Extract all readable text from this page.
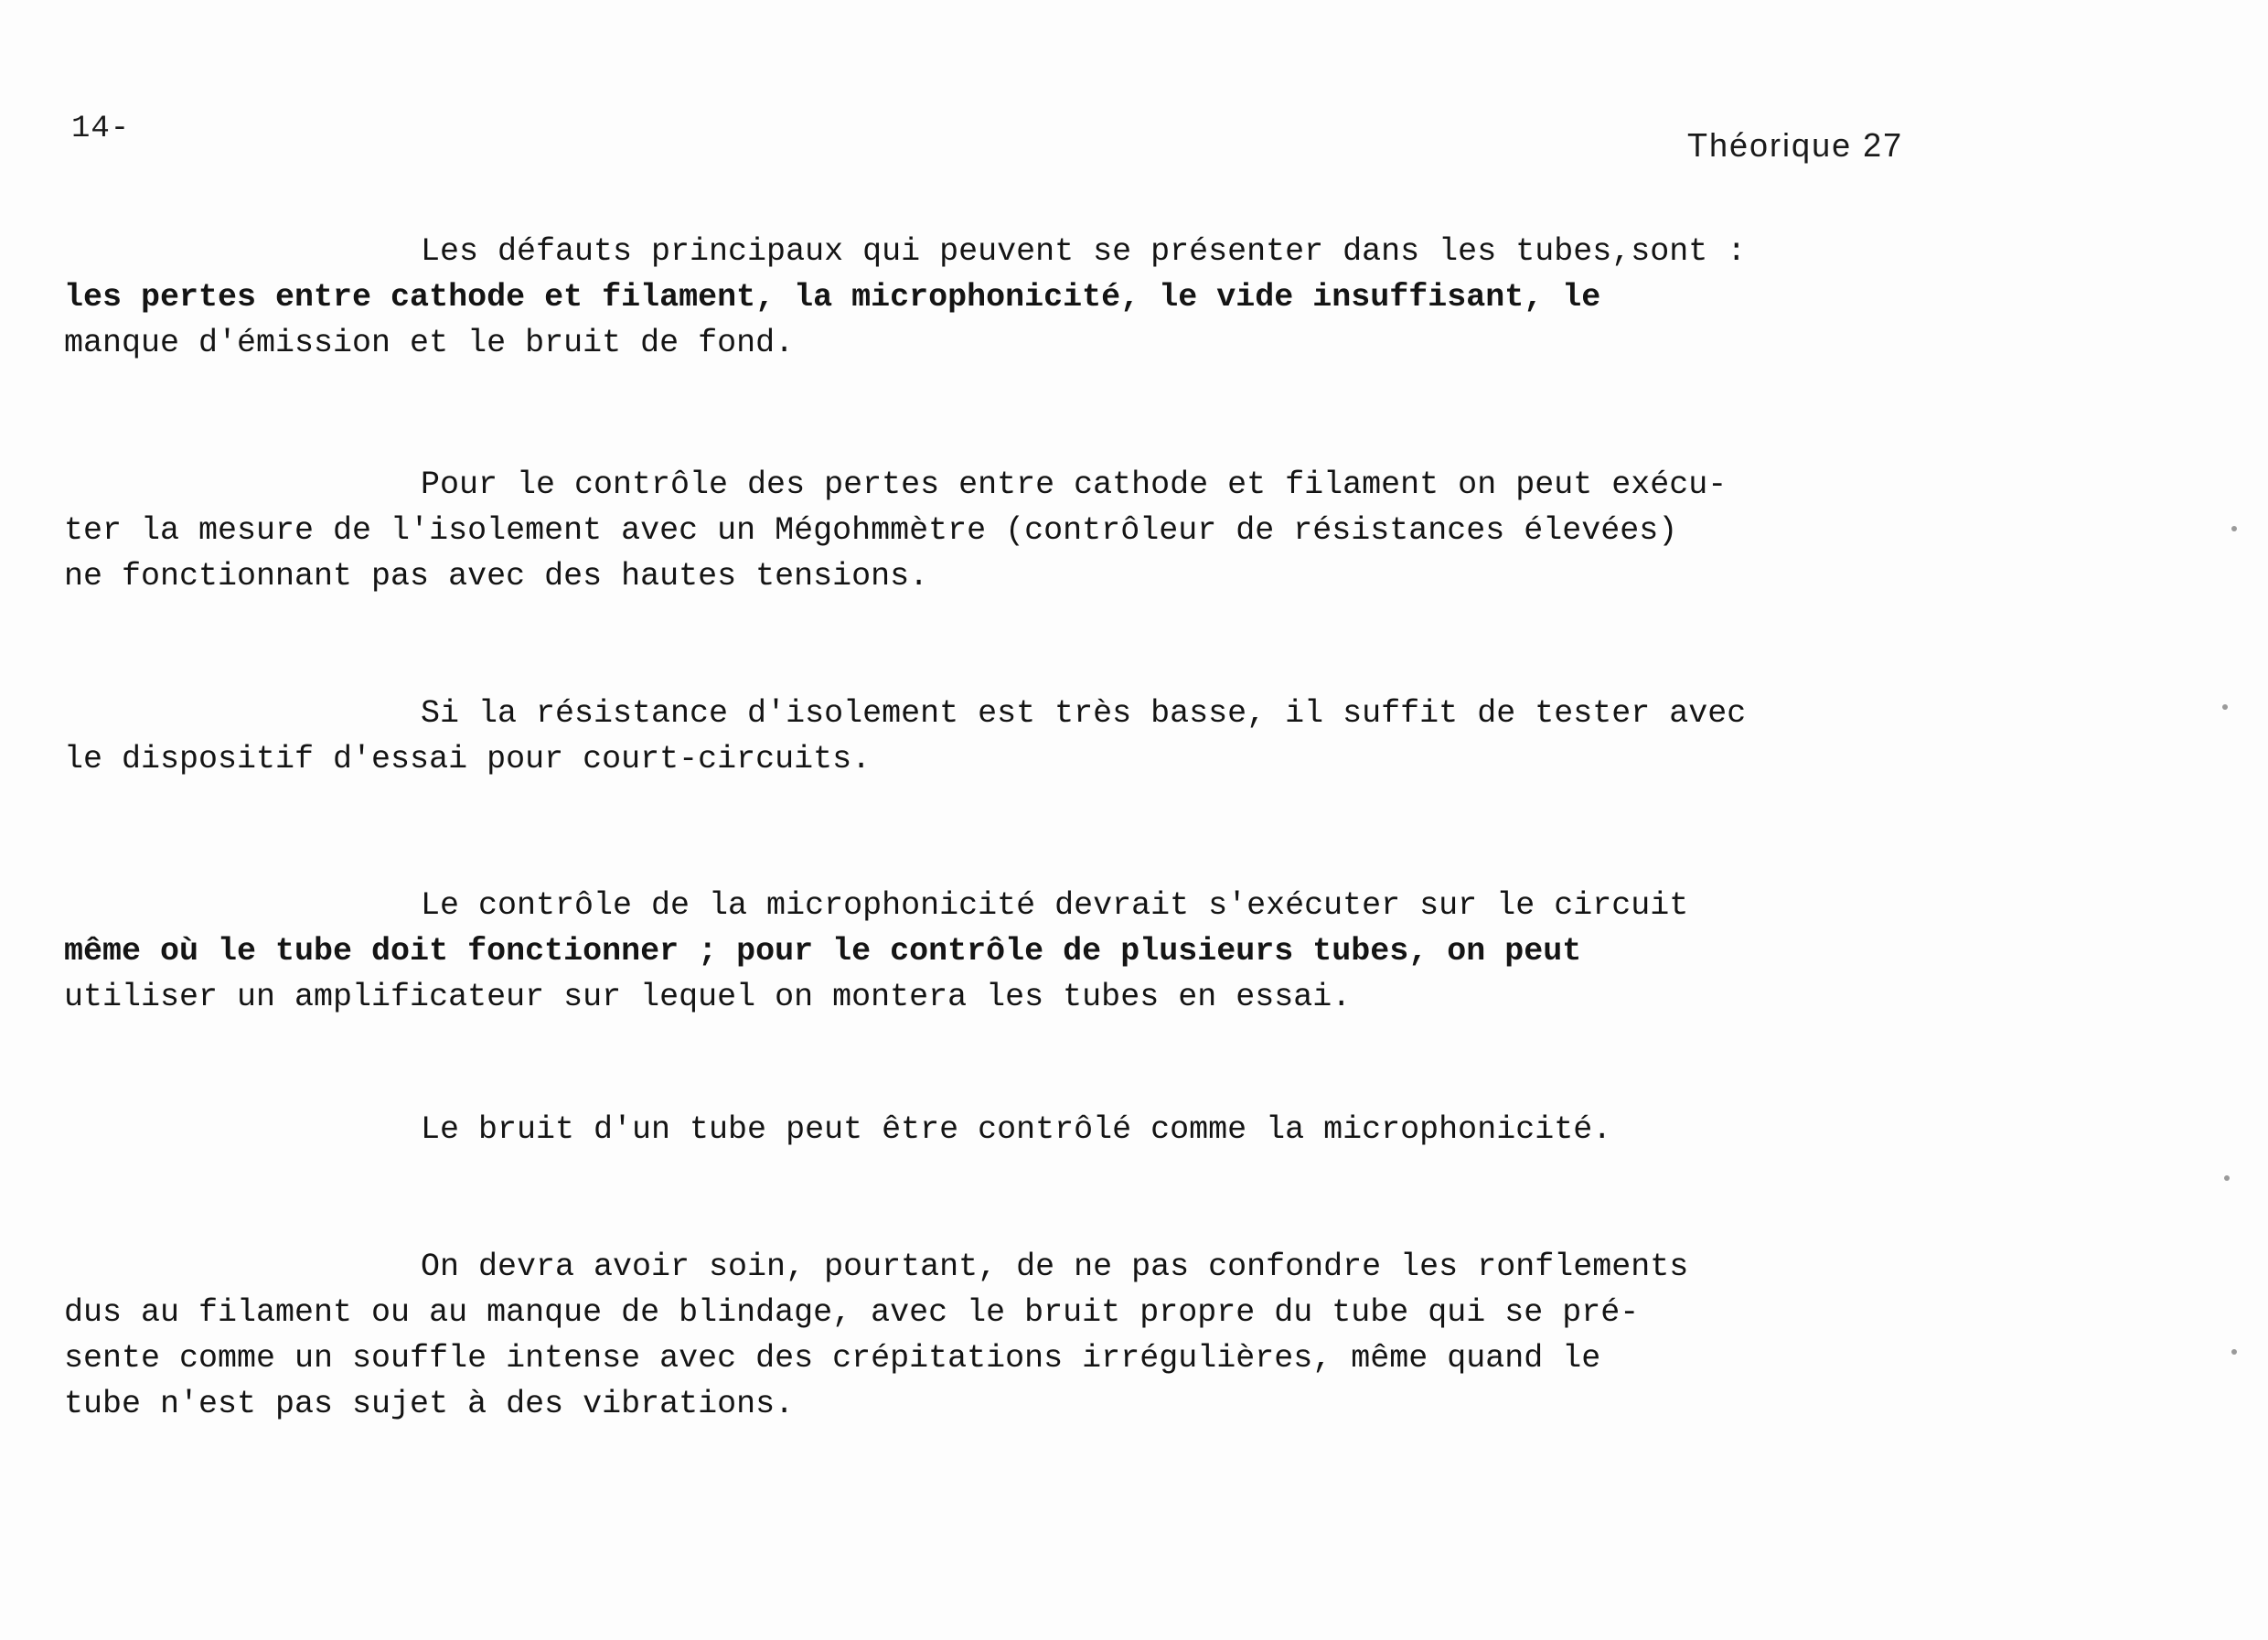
14-	Théorique 27
Les défauts principaux qui peuvent se présenter dans les tubes,sont :
les pertes entre cathode et filament, la microphonicité, le vide insuffisant, le
manque d'émission et le bruit de fond.
Pour le contrôle des pertes entre cathode et filament on peut exécu-
ter la mesure de l'isolement avec un Mégohmmètre (contrôleur de résistances élevées)
ne fonctionnant pas avec des hautes tensions.
Si la résistance d'isolement est très basse, il suffit de tester avec
le dispositif d'essai pour court-circuits.
Le contrôle de la microphonicité devrait s'exécuter sur le circuit
même où le tube doit fonctionner ; pour le contrôle de plusieurs tubes, on peut
utiliser un amplificateur sur lequel on montera les tubes en essai.
Le bruit d'un tube peut être contrôlé comme la microphonicité.
On devra avoir soin, pourtant, de ne pas confondre les ronflements
dus au filament ou au manque de blindage, avec le bruit propre du tube qui se pré-
sente comme un souffle intense avec des crépitations irrégulières, même quand le
tube n'est pas sujet à des vibrations.
